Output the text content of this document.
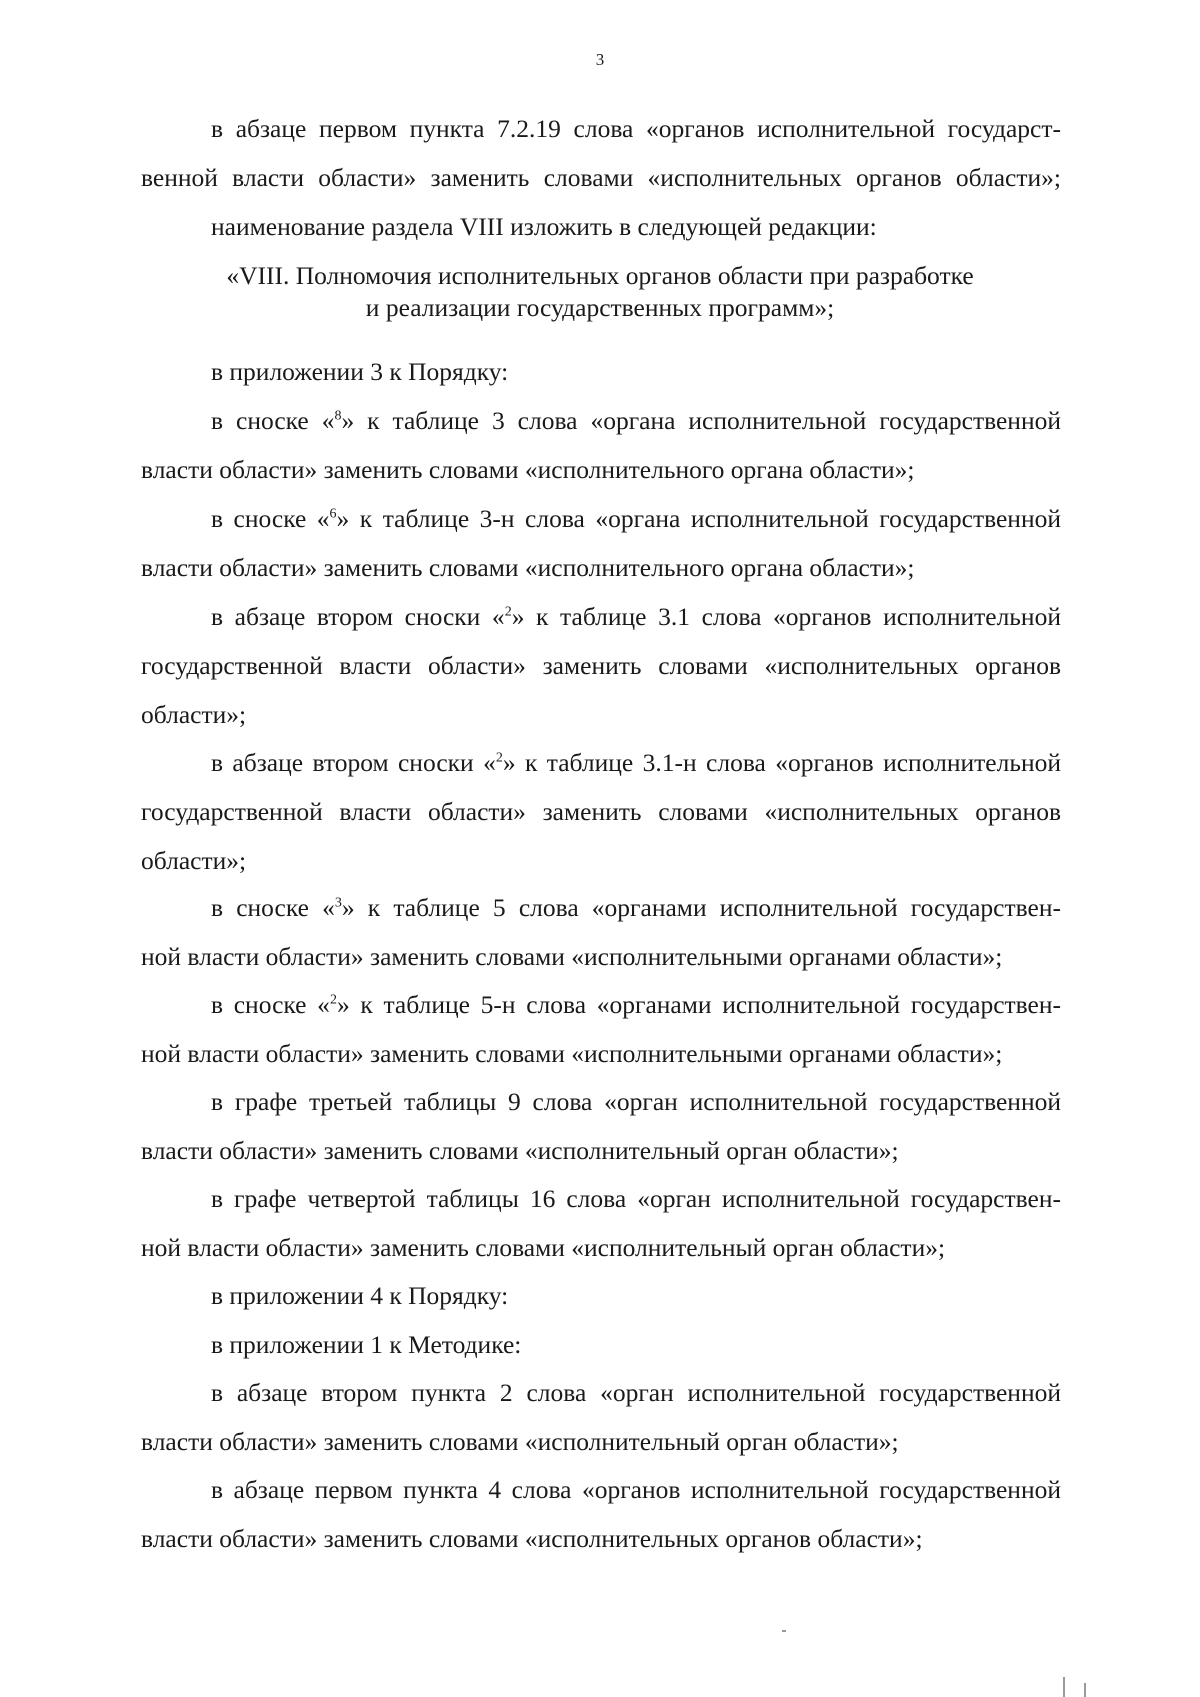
3
в абзаце первом пункта 7.2.19 слова «органов исполнительной государст-
венной власти области» заменить словами «исполнительных органов области»;
наименование раздела VIII изложить в следующей редакции:
«VIII. Полномочия исполнительных органов области при разработке
и реализации государственных программ»;
в приложении 3 к Порядку:
в сноске «$^8$» к таблице 3 слова «органа исполнительной государственной
власти области» заменить словами «исполнительного органа области»;
в сноске «$^6$» к таблице 3-н слова «органа исполнительной государственной
власти области» заменить словами «исполнительного органа области»;
в абзаце втором сноски «$^2$» к таблице 3.1 слова «органов исполнительной
государственной власти области» заменить словами «исполнительных органов
области»;
в абзаце втором сноски «$^2$» к таблице 3.1-н слова «органов исполнительной
государственной власти области» заменить словами «исполнительных органов
области»;
в сноске «$^3$» к таблице 5 слова «органами исполнительной государствен-
ной власти области» заменить словами «исполнительными органами области»;
в сноске «$^2$» к таблице 5-н слова «органами исполнительной государствен-
ной власти области» заменить словами «исполнительными органами области»;
в графе третьей таблицы 9 слова «орган исполнительной государственной
власти области» заменить словами «исполнительный орган области»;
в графе четвертой таблицы 16 слова «орган исполнительной государствен-
ной власти области» заменить словами «исполнительный орган области»;
в приложении 4 к Порядку:
в приложении 1 к Методике:
в абзаце втором пункта 2 слова «орган исполнительной государственной
власти области» заменить словами «исполнительный орган области»;
в абзаце первом пункта 4 слова «органов исполнительной государственной
власти области» заменить словами «исполнительных органов области»;
